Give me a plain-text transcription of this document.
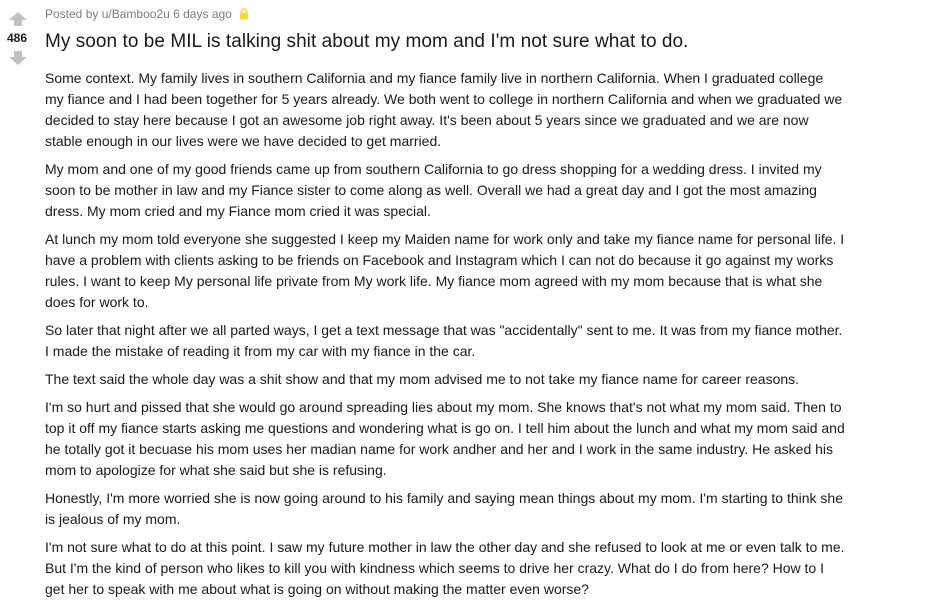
486
Posted by u/Bamboo2u 6 days ago
My soon to be MIL is talking shit about my mom and I'm not sure what to do.

Some context. My family lives in southern California and my fiance family live in northern California. When I graduated college my fiance and I had been together for 5 years already. We both went to college in northern California and when we graduated we decided to stay here because I got an awesome job right away. It's been about 5 years since we graduated and we are now stable enough in our lives were we have decided to get married.

My mom and one of my good friends came up from southern California to go dress shopping for a wedding dress. I invited my soon to be mother in law and my Fiance sister to come along as well. Overall we had a great day and I got the most amazing dress. My mom cried and my Fiance mom cried it was special.

At lunch my mom told everyone she suggested I keep my Maiden name for work only and take my fiance name for personal life. I have a problem with clients asking to be friends on Facebook and Instagram which I can not do because it go against my works rules. I want to keep My personal life private from My work life. My fiance mom agreed with my mom because that is what she does for work to.

So later that night after we all parted ways, I get a text message that was "accidentally" sent to me. It was from my fiance mother. I made the mistake of reading it from my car with my fiance in the car.

The text said the whole day was a shit show and that my mom advised me to not take my fiance name for career reasons.

I'm so hurt and pissed that she would go around spreading lies about my mom. She knows that's not what my mom said. Then to top it off my fiance starts asking me questions and wondering what is go on. I tell him about the lunch and what my mom said and he totally got it becuase his mom uses her madian name for work andher and her and I work in the same industry. He asked his mom to apologize for what she said but she is refusing.

Honestly, I'm more worried she is now going around to his family and saying mean things about my mom. I'm starting to think she is jealous of my mom.

I'm not sure what to do at this point. I saw my future mother in law the other day and she refused to look at me or even talk to me. But I'm the kind of person who likes to kill you with kindness which seems to drive her crazy. What do I do from here? How to I get her to speak with me about what is going on without making the matter even worse?
